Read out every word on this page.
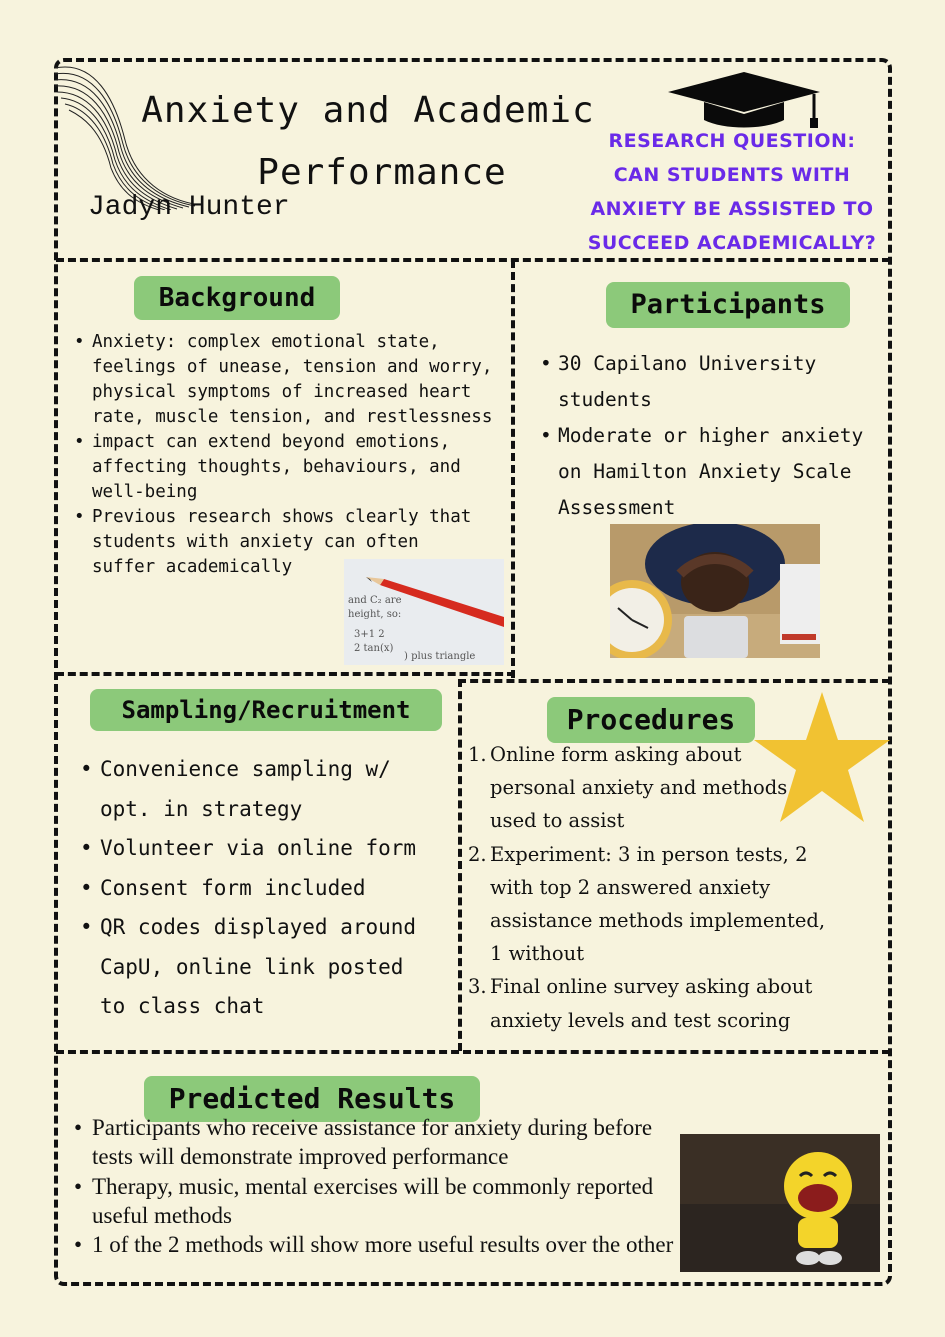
Anxiety and Academic
Performance
Jadyn Hunter
RESEARCH QUESTION: CAN STUDENTS WITH ANXIETY BE ASSISTED TO SUCCEED ACADEMICALLY?
Background
• Anxiety: complex emotional state, feelings of unease, tension and worry, physical symptoms of increased heart rate, muscle tension, and restlessness
• impact can extend beyond emotions, affecting thoughts, behaviours, and well-being
• Previous research shows clearly that students with anxiety can often suffer academically
and C₂ are
height, so:
3+1 2
2 tan(x)
) plus triangle
Participants
• 30 Capilano University students
• Moderate or higher anxiety on Hamilton Anxiety Scale Assessment
Sampling/Recruitment
• Convenience sampling w/ opt. in strategy
• Volunteer via online form
• Consent form included
• QR codes displayed around CapU, online link posted to class chat
Procedures
1. Online form asking about personal anxiety and methods used to assist
2. Experiment: 3 in person tests, 2 with top 2 answered anxiety assistance methods implemented, 1 without
3. Final online survey asking about anxiety levels and test scoring
Predicted Results
• Participants who receive assistance for anxiety during before tests will demonstrate improved performance
• Therapy, music, mental exercises will be commonly reported useful methods
• 1 of the 2 methods will show more useful results over the other
